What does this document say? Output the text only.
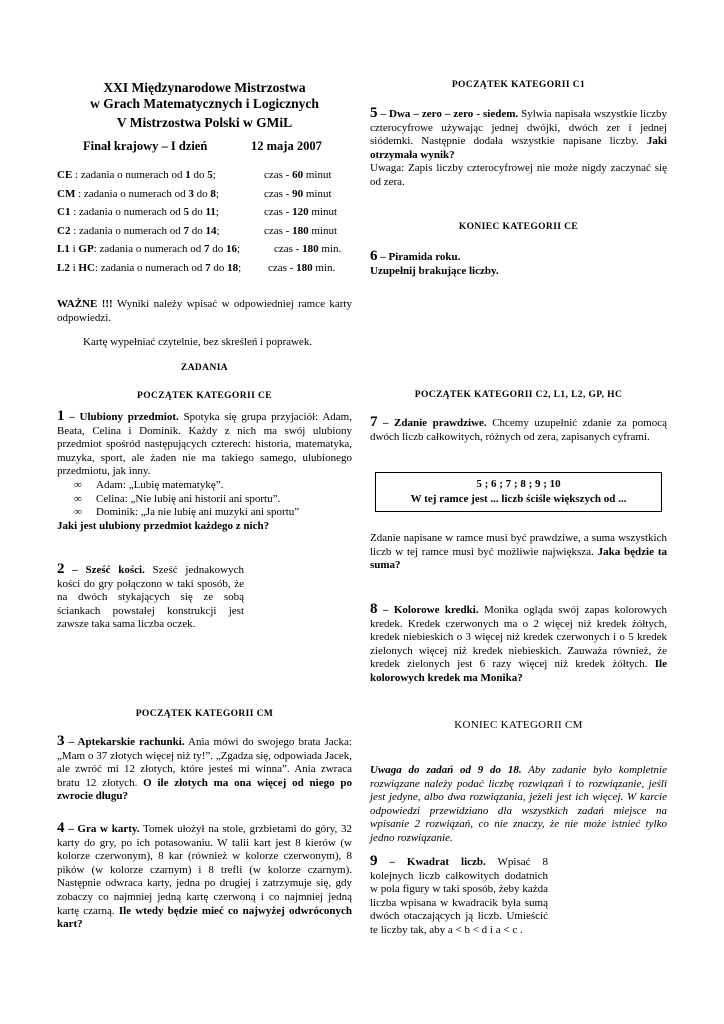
XXI Międzynarodowe Mistrzostwa
w Grach Matematycznych i Logicznych
V Mistrzostwa Polski w GMiL
Finał krajowy – I dzień	12 maja 2007
CE : zadania o numerach od 1 do 5;	czas - 60 minut
CM : zadania o numerach od 3 do 8;	czas - 90 minut
C1 : zadania o numerach od 5 do 11;	czas - 120 minut
C2 : zadania o numerach od 7 do 14;	czas - 180 minut
L1 i GP: zadania o numerach od 7 do 16;	czas - 180 min.
L2 i HC: zadania o numerach od 7 do 18; czas - 180 min.
WAŻNE !!! Wyniki należy wpisać w odpowiedniej ramce karty odpowiedzi.
Kartę wypełniać czytelnie, bez skreśleń i poprawek.
ZADANIA
POCZĄTEK KATEGORII CE

1 – Ulubiony przedmiot. Spotyka się grupa przyjaciół: Adam, Beata, Celina i Dominik. Każdy z nich ma swój ulubiony przedmiot spośród następujących czterech: historia, matematyka, muzyka, sport, ale żaden nie ma takiego samego, ulubionego przedmiotu, jak inny.

∞ Adam: „Lubię matematykę”.
∞ Celina: „Nie lubię ani historii ani sportu”.
∞ Dominik: „Ja nie lubię ani muzyki ani sportu”

Jaki jest ulubiony przedmiot każdego z nich?

2 – Sześć kości. Sześć jednakowych kości do gry połączono w taki sposób, że na dwóch stykających się ze sobą ściankach powstałej konstrukcji jest zawsze taka sama liczba oczek.

POCZĄTEK KATEGORII CM

3 – Aptekarskie rachunki. Ania mówi do swojego brata Jacka: „Mam o 37 złotych więcej niż ty!”. „Zgadza się, odpowiada Jacek, ale zwróć mi 12 złotych, które jesteś mi winna”. Ania zwraca bratu 12 złotych. O ile złotych ma ona więcej od niego po zwrocie długu?

4 – Gra w karty. Tomek ułożył na stole, grzbietami do góry, 32 karty do gry, po ich potasowaniu. W talii kart jest 8 kierów (w kolorze czerwonym), 8 kar (również w kolorze czerwonym), 8 pików (w kolorze czarnym) i 8 trefli (w kolorze czarnym). Następnie odwraca karty, jedna po drugiej i zatrzymuje się, gdy zobaczy co najmniej jedną kartę czerwoną i co najmniej jedną kartę czarną. Ile wtedy będzie mieć co najwyżej odwróconych kart?

POCZĄTEK KATEGORII C1

5 – Dwa – zero – zero - siedem. Sylwia napisała wszystkie liczby czterocyfrowe używając jednej dwójki, dwóch zer i jednej siódemki. Następnie dodała wszystkie napisane liczby. Jaki otrzymała wynik?

Uwaga: Zapis liczby czterocyfrowej nie może nigdy zaczynać się od zera.

KONIEC KATEGORII CE

6 – Piramida roku.

Uzupełnij brakujące liczby.

POCZĄTEK KATEGORII C2, L1, L2, GP, HC

7 – Zdanie prawdziwe. Chcemy uzupełnić zdanie za pomocą dwóch liczb całkowitych, różnych od zera, zapisanych cyframi.

5 ; 6 ; 7 ; 8 ; 9 ; 10
W tej ramce jest ... liczb ściśle większych od ...

Zdanie napisane w ramce musi być prawdziwe, a suma wszystkich liczb w tej ramce musi być możliwie największa. Jaka będzie ta suma?

8 – Kolorowe kredki. Monika ogląda swój zapas kolorowych kredek. Kredek czerwonych ma o 2 więcej niż kredek żółtych, kredek niebieskich o 3 więcej niż kredek czerwonych i o 5 kredek zielonych więcej niż kredek niebieskich. Zauważa również, że kredek zielonych jest 6 razy więcej niż kredek żółtych. Ile kolorowych kredek ma Monika?

KONIEC KATEGORII CM

Uwaga do zadań od 9 do 18. Aby zadanie było kompletnie rozwiązane należy podać liczbę rozwiązań i to rozwiązanie, jeśli jest jedyne, albo dwa rozwiązania, jeżeli jest ich więcej. W karcie odpowiedzi przewidziano dla wszystkich zadań miejsce na wpisanie 2 rozwiązań, co nie znaczy, że nie może istnieć tylko jedno rozwiązanie.

9 – Kwadrat liczb. Wpisać 8 kolejnych liczb całkowitych dodatnich w pola figury w taki sposób, żeby każda liczba wpisana w kwadracik była sumą dwóch otaczających ją liczb. Umieścić te liczby tak, aby a < b < d i a < c .
